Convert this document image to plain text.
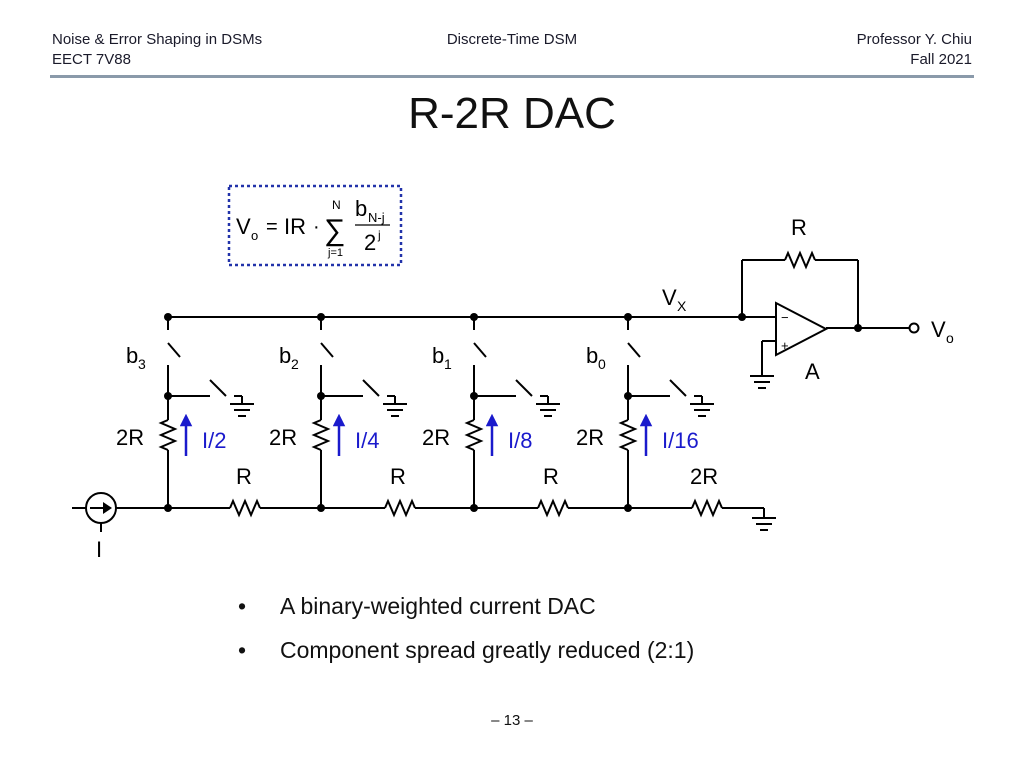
Noise & Error Shaping in DSMs
EECT 7V88
Discrete-Time DSM	Professor Y. Chiu
Fall 2021
R-2R DAC
V o = IR · ∑
N
j=1
b N-j
2 j
−
+
A
R
V X
V o
b 3
2R	I/2
b 2
2R	I/4
b 1
2R	I/8
b 0
2R	I/16
I
R	R	R	2R
• A binary-weighted current DAC
• Component spread greatly reduced (2:1)
– 13 –
